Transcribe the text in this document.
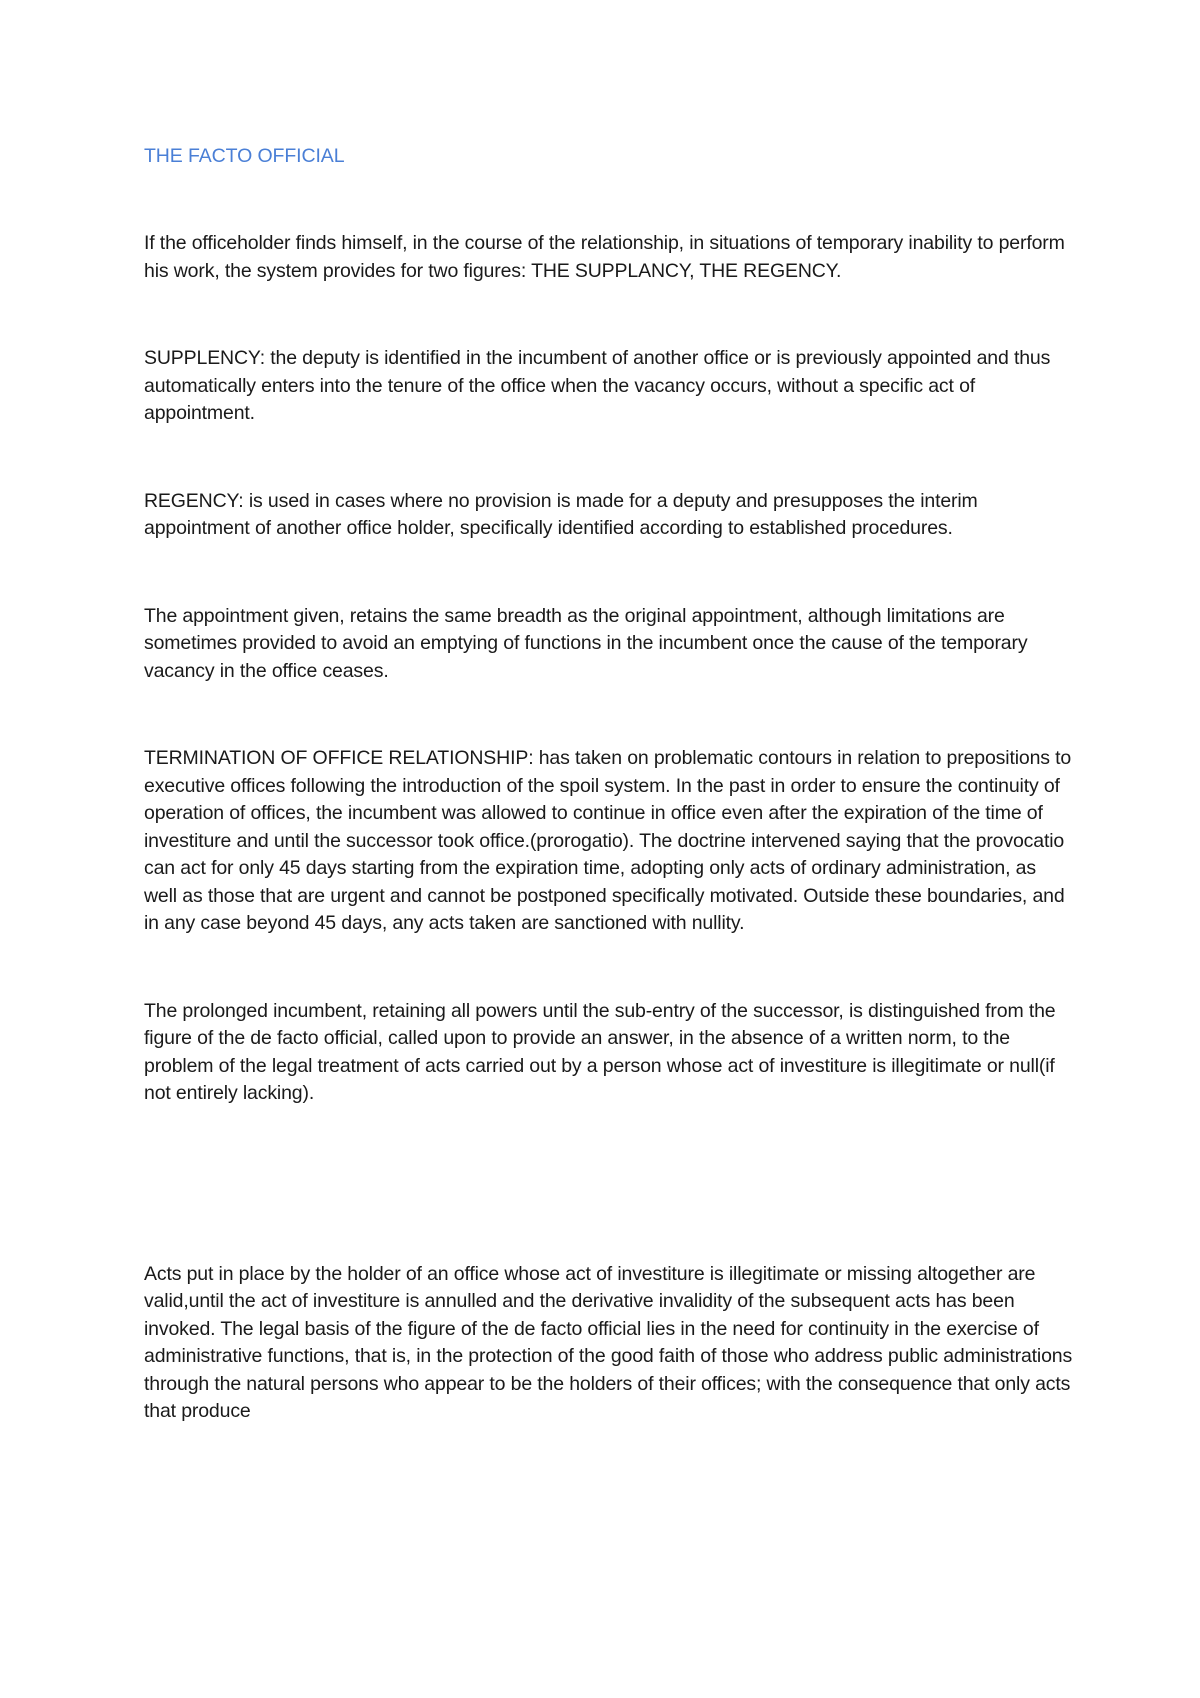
THE FACTO OFFICIAL

If the officeholder finds himself, in the course of the relationship, in situations of temporary inability to perform his work, the system provides for two figures: THE SUPPLANCY, THE REGENCY.

SUPPLENCY: the deputy is identified in the incumbent of another office or is previously appointed and thus automatically enters into the tenure of the office when the vacancy occurs, without a specific act of appointment.

REGENCY: is used in cases where no provision is made for a deputy and presupposes the interim appointment of another office holder, specifically identified according to established procedures.

The appointment given, retains the same breadth as the original appointment, although limitations are sometimes provided to avoid an emptying of functions in the incumbent once the cause of the temporary vacancy in the office ceases.

TERMINATION OF OFFICE RELATIONSHIP: has taken on problematic contours in relation to prepositions to executive offices following the introduction of the spoil system. In the past in order to ensure the continuity of operation of offices, the incumbent was allowed to continue in office even after the expiration of the time of investiture and until the successor took office.(prorogatio). The doctrine intervened saying that the provocatio can act for only 45 days starting from the expiration time, adopting only acts of ordinary administration, as well as those that are urgent and cannot be postponed specifically motivated. Outside these boundaries, and in any case beyond 45 days, any acts taken are sanctioned with nullity.

The prolonged incumbent, retaining all powers until the sub-entry of the successor, is distinguished from the figure of the de facto official, called upon to provide an answer, in the absence of a written norm, to the problem of the legal treatment of acts carried out by a person whose act of investiture is illegitimate or null(if not entirely lacking).

Acts put in place by the holder of an office whose act of investiture is illegitimate or missing altogether are valid,until the act of investiture is annulled and the derivative invalidity of the subsequent acts has been invoked. The legal basis of the figure of the de facto official lies in the need for continuity in the exercise of administrative functions, that is, in the protection of the good faith of those who address public administrations through the natural persons who appear to be the holders of their offices; with the consequence that only acts that produce
